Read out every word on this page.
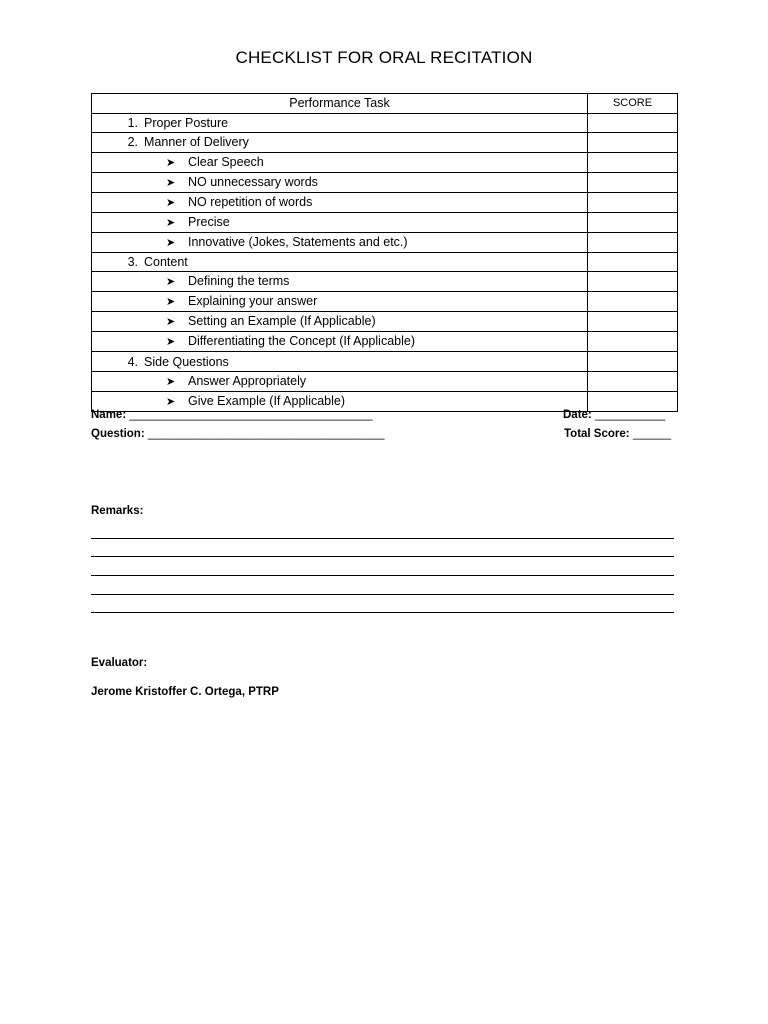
CHECKLIST FOR ORAL RECITATION
Performance Task	SCORE
1. Proper Posture	
2. Manner of Delivery	
➤ Clear Speech	
➤ NO unnecessary words	
➤ NO repetition of words	
➤ Precise	
➤ Innovative (Jokes, Statements and etc.)	
3. Content	
➤ Defining the terms	
➤ Explaining your answer	
➤ Setting an Example (If Applicable)	
➤ Differentiating the Concept (If Applicable)	
4. Side Questions	
➤ Answer Appropriately	
➤ Give Example (If Applicable)	
Name: ______________________________________	Date: ___________
Question: _____________________________________	Total Score: ______
Remarks:
Evaluator:
Jerome Kristoffer C. Ortega, PTRP
